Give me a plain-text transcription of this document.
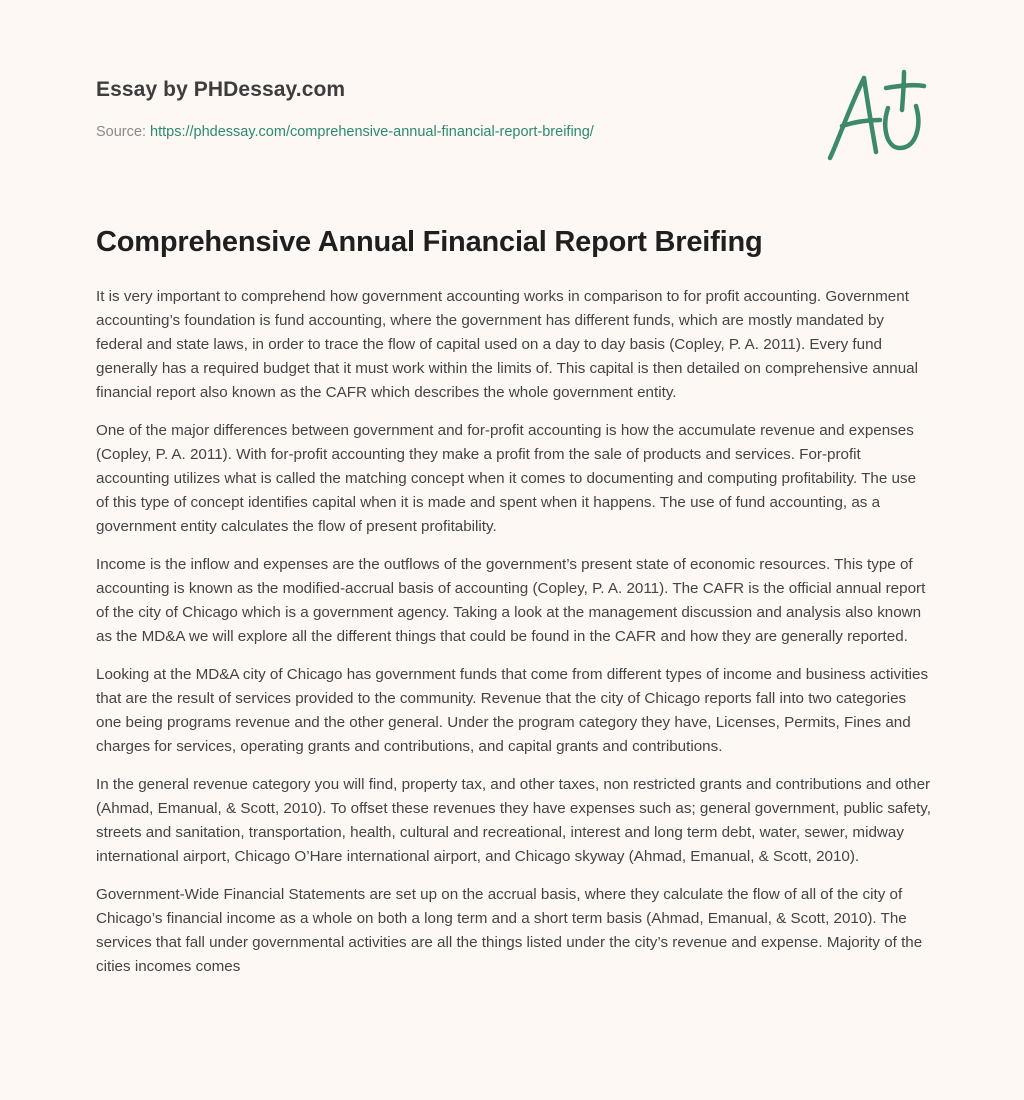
Essay by PHDessay.com
Source: https://phdessay.com/comprehensive-annual-financial-report-breifing/
Comprehensive Annual Financial Report Breifing

It is very important to comprehend how government accounting works in comparison to for profit accounting. Government accounting’s foundation is fund accounting, where the government has different funds, which are mostly mandated by federal and state laws, in order to trace the flow of capital used on a day to day basis (Copley, P. A. 2011). Every fund generally has a required budget that it must work within the limits of. This capital is then detailed on comprehensive annual financial report also known as the CAFR which describes the whole government entity.

One of the major differences between government and for-profit accounting is how the accumulate revenue and expenses (Copley, P. A. 2011). With for-profit accounting they make a profit from the sale of products and services. For-profit accounting utilizes what is called the matching concept when it comes to documenting and computing profitability. The use of this type of concept identifies capital when it is made and spent when it happens. The use of fund accounting, as a government entity calculates the flow of present profitability.

Income is the inflow and expenses are the outflows of the government’s present state of economic resources. This type of accounting is known as the modified-accrual basis of accounting (Copley, P. A. 2011). The CAFR is the official annual report of the city of Chicago which is a government agency. Taking a look at the management discussion and analysis also known as the MD&A we will explore all the different things that could be found in the CAFR and how they are generally reported.

Looking at the MD&A city of Chicago has government funds that come from different types of income and business activities that are the result of services provided to the community. Revenue that the city of Chicago reports fall into two categories one being programs revenue and the other general. Under the program category they have, Licenses, Permits, Fines and charges for services, operating grants and contributions, and capital grants and contributions.

In the general revenue category you will find, property tax, and other taxes, non restricted grants and contributions and other (Ahmad, Emanual, & Scott, 2010). To offset these revenues they have expenses such as; general government, public safety, streets and sanitation, transportation, health, cultural and recreational, interest and long term debt, water, sewer, midway international airport, Chicago O’Hare international airport, and Chicago skyway (Ahmad, Emanual, & Scott, 2010).

Government-Wide Financial Statements are set up on the accrual basis, where they calculate the flow of all of the city of Chicago’s financial income as a whole on both a long term and a short term basis (Ahmad, Emanual, & Scott, 2010). The services that fall under governmental activities are all the things listed under the city’s revenue and expense. Majority of the cities incomes comes
